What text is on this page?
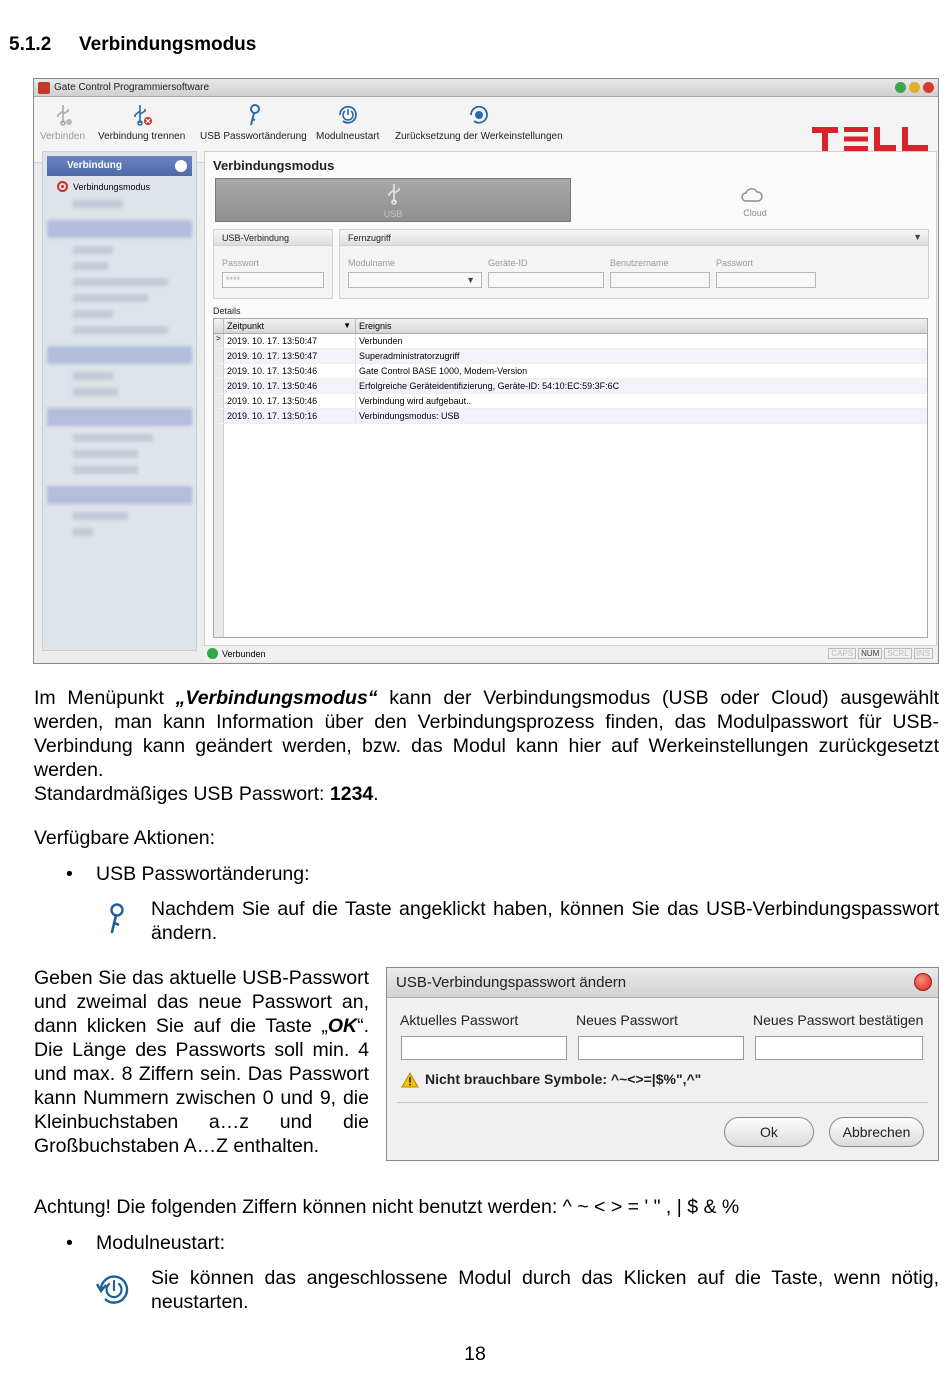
5.1.2 Verbindungsmodus
Gate Control Programmiersoftware
Verbinden Verbindung trennen USB Passwortänderung Modulneustart Zurücksetzung der Werkeinstellungen
Verbindung
Verbindungsmodus
Verbindungsmodus
USB	Cloud
USB-Verbindung
Passwort
****
Fernzugriff	▼
Modulname	Geräte-ID	Benutzername	Passwort
▼
Details
Zeitpunkt	▼ Ereignis
> 2019. 10. 17. 13:50:47	Verbunden
2019. 10. 17. 13:50:47	Superadministratorzugriff
2019. 10. 17. 13:50:46	Gate Control BASE 1000, Modem-Version
2019. 10. 17. 13:50:46	Erfolgreiche Geräteidentifizierung, Geräte-ID: 54:10:EC:59:3F:6C
2019. 10. 17. 13:50:46	Verbindung wird aufgebaut..
2019. 10. 17. 13:50:16	Verbindungsmodus: USB
Verbunden	CAPS	NUM	SCRL	INS
Im Menüpunkt „Verbindungsmodus“ kann der Verbindungsmodus (USB oder Cloud) ausgewählt werden, man kann Information über den Verbindungsprozess finden, das Modulpasswort für USB-Verbindung kann geändert werden, bzw. das Modul kann hier auf Werkeinstellungen zurückgesetzt werden.
Standardmäßiges USB Passwort: 1234.
Verfügbare Aktionen:
• USB Passwortänderung:
Nachdem Sie auf die Taste angeklickt haben, können Sie das USB-Verbindungspasswort ändern.
Geben Sie das aktuelle USB-Passwort und zweimal das neue Passwort an, dann klicken Sie auf die Taste „OK“. Die Länge des Passworts soll min. 4 und max. 8 Ziffern sein. Das Passwort kann Nummern zwischen 0 und 9, die Kleinbuchstaben a…z und die Großbuchstaben A…Z enthalten.
USB-Verbindungspasswort ändern
Aktuelles Passwort	Neues Passwort	Neues Passwort bestätigen
Nicht brauchbare Symbole: ^~<>=|$%",^"
Ok	Abbrechen
Achtung! Die folgenden Ziffern können nicht benutzt werden: ^ ~ < > = ' " , | $ & %
• Modulneustart:
Sie können das angeschlossene Modul durch das Klicken auf die Taste, wenn nötig, neustarten.
18
